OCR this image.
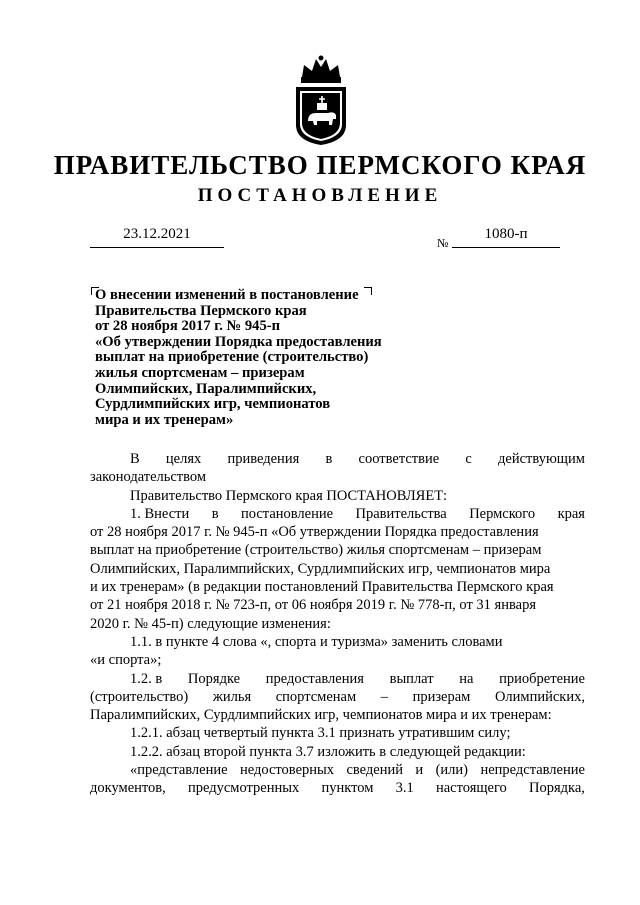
ПРАВИТЕЛЬСТВО ПЕРМСКОГО КРАЯ
ПОСТАНОВЛЕНИЕ
23.12.2021
№
1080-п
О внесении изменений в постановление
Правительства Пермского края
от 28 ноября 2017 г. № 945-п
«Об утверждении Порядка предоставления
выплат на приобретение (строительство)
жилья спортсменам – призерам
Олимпийских, Паралимпийских,
Сурдлимпийских игр, чемпионатов
мира и их тренерам»
В целях приведения в соответствие с действующим
законодательством
Правительство Пермского края ПОСТАНОВЛЯЕТ:
1. Внести в постановление Правительства Пермского края
от 28 ноября 2017 г. № 945-п «Об утверждении Порядка предоставления
выплат на приобретение (строительство) жилья спортсменам – призерам
Олимпийских, Паралимпийских, Сурдлимпийских игр, чемпионатов мира
и их тренерам» (в редакции постановлений Правительства Пермского края
от 21 ноября 2018 г. № 723-п, от 06 ноября 2019 г. № 778-п, от 31 января
2020 г. № 45-п) следующие изменения:
1.1. в пункте 4 слова «, спорта и туризма» заменить словами
«и спорта»;
1.2. в Порядке предоставления выплат на приобретение
(строительство) жилья спортсменам – призерам Олимпийских,
Паралимпийских, Сурдлимпийских игр, чемпионатов мира и их тренерам:
1.2.1. абзац четвертый пункта 3.1 признать утратившим силу;
1.2.2. абзац второй пункта 3.7 изложить в следующей редакции:
«представление недостоверных сведений и (или) непредставление
документов, предусмотренных пунктом 3.1 настоящего Порядка,
